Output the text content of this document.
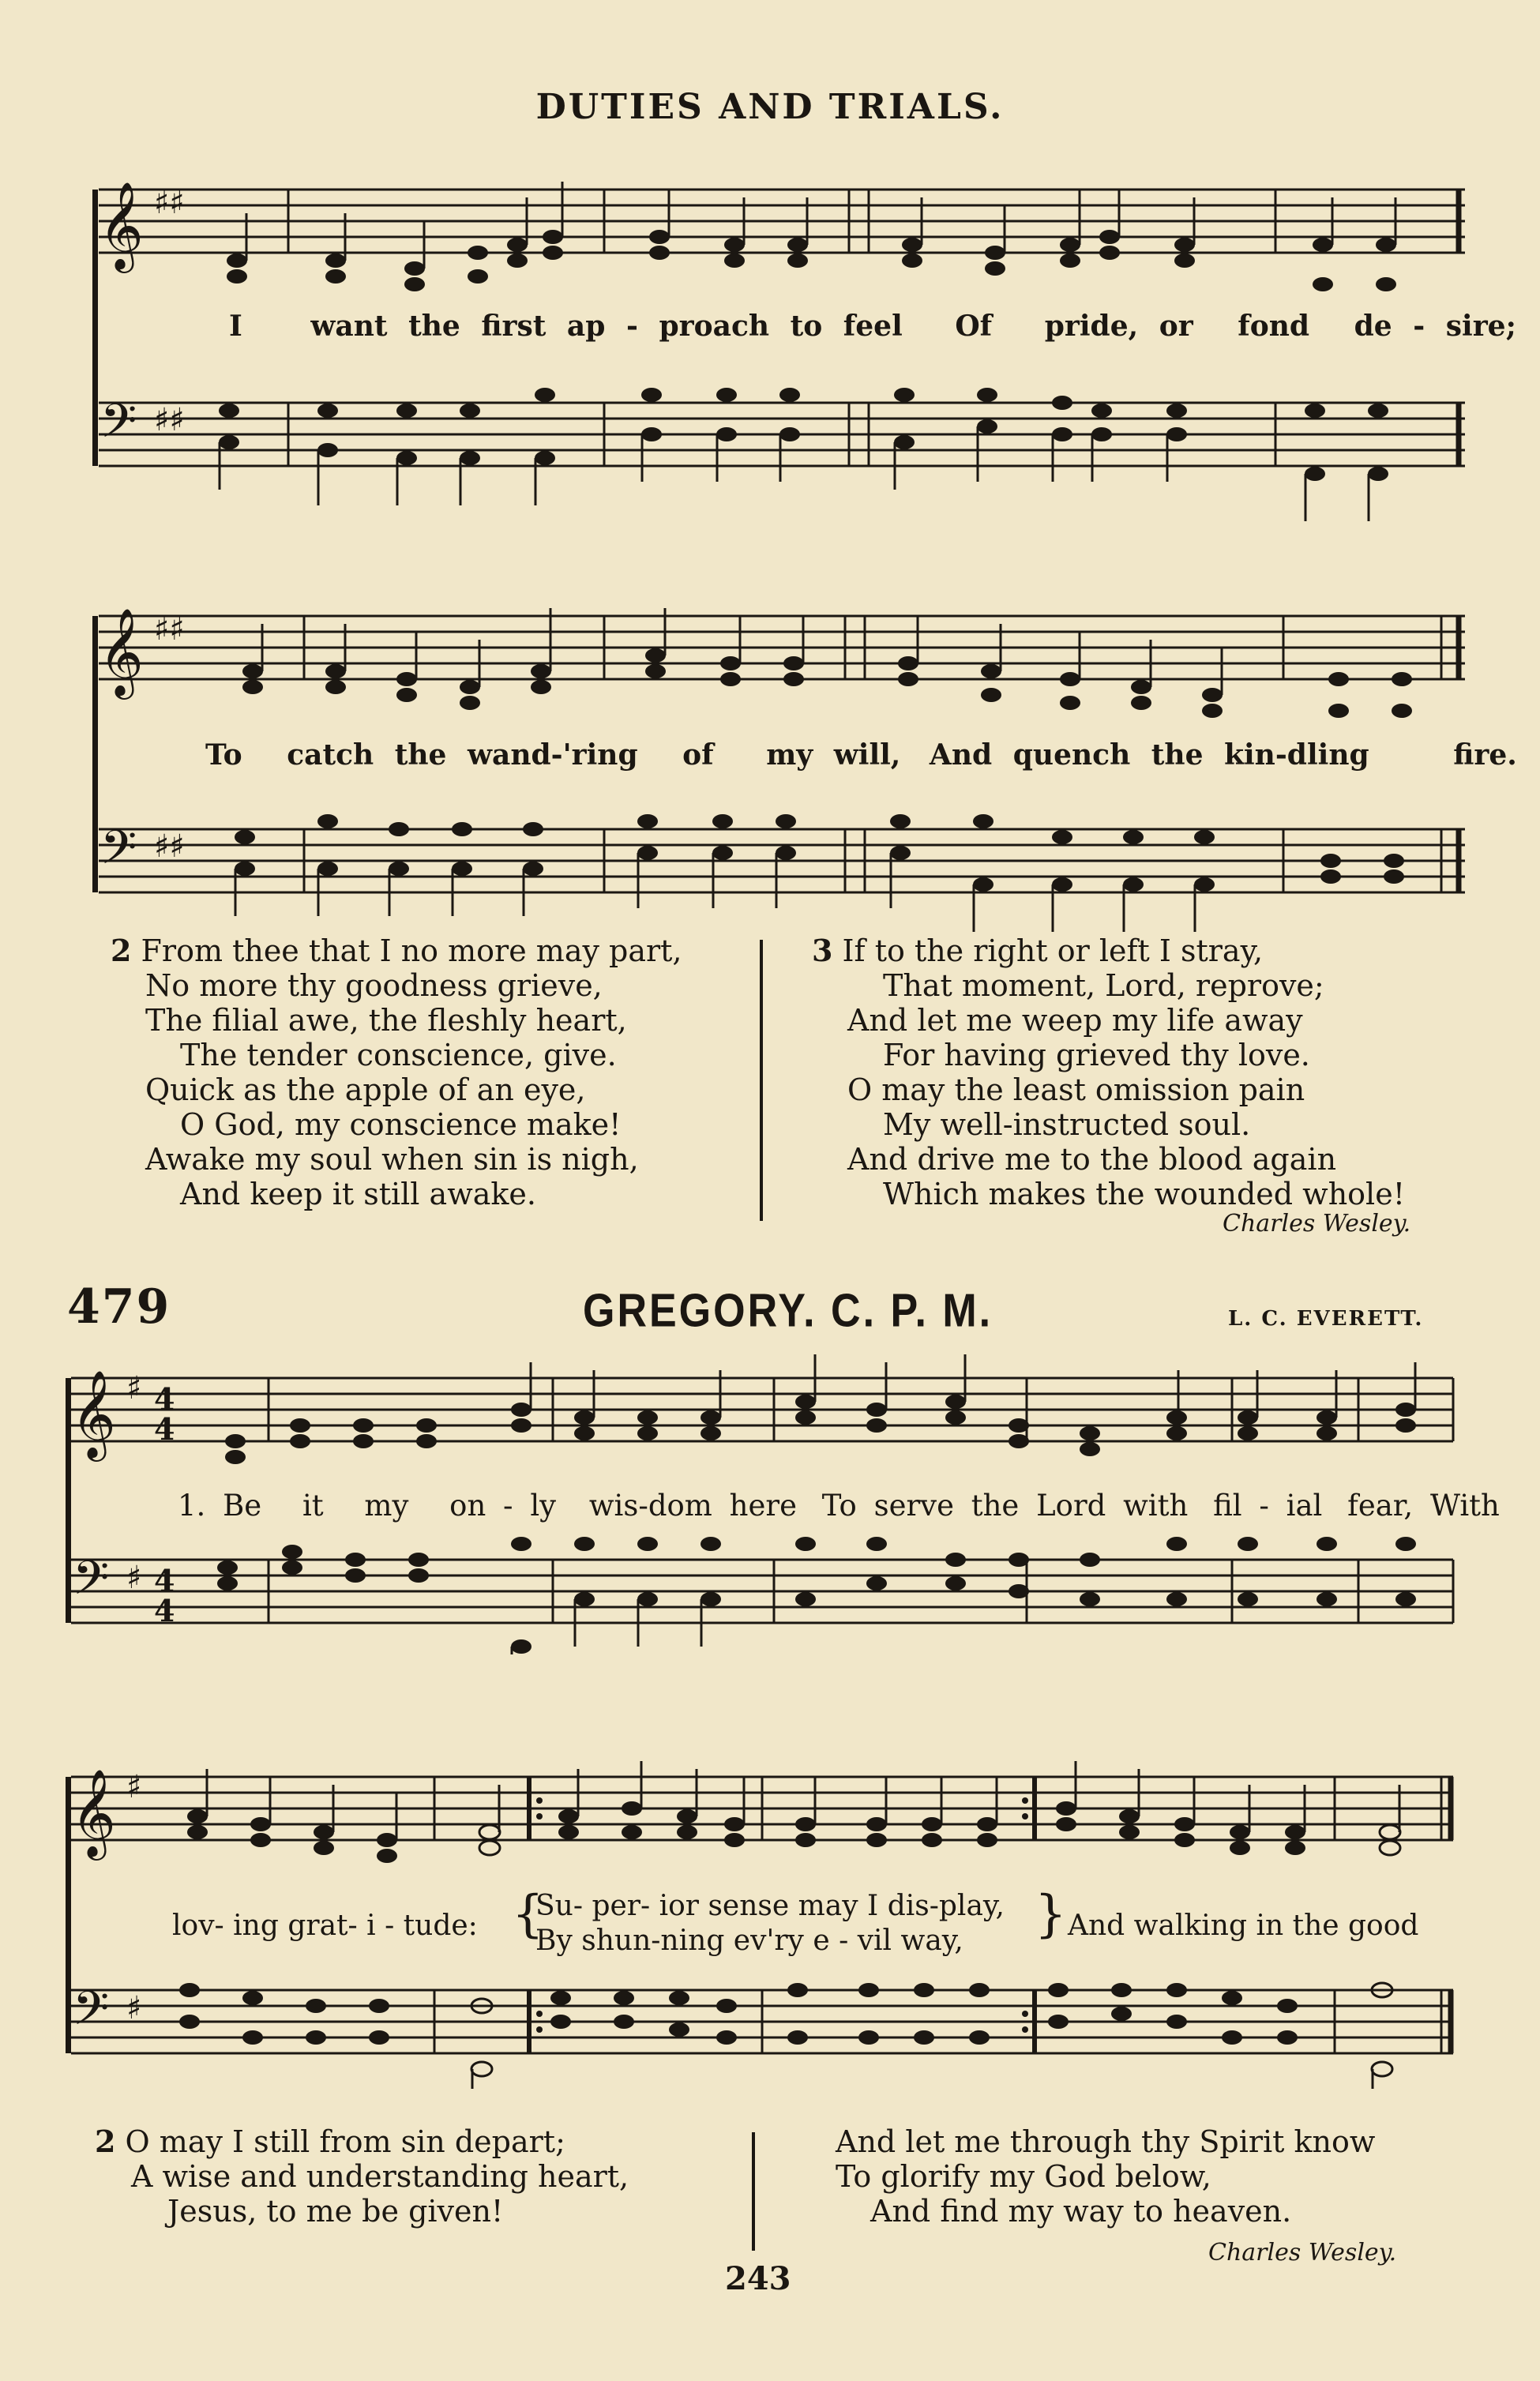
DUTIES AND TRIALS.
𝄞
𝄢
♯♯
♯♯
I want the first ap - proach to feel Of pride, or fond de - sire;
𝄞
𝄢
♯♯
♯♯
To catch the wand-'ring of my will, And quench the kin-dling	fire.
2 From thee that I no more may part,
No more thy goodness grieve,
The filial awe, the fleshly heart,
The tender conscience, give.
Quick as the apple of an eye,
O God, my conscience make!
Awake my soul when sin is nigh,
And keep it still awake.
3 If to the right or left I stray,
That moment, Lord, reprove;
And let me weep my life away
For having grieved thy love.
O may the least omission pain
My well-instructed soul.
And drive me to the blood again
Which makes the wounded whole!
Charles Wesley.
479	GREGORY. C. P. M.	L. C. EVERETT.
𝄞
𝄢
♯
♯
4
4
4
4
1. Be it my on - ly wis-dom here To serve the Lord with fil - ial fear, With
𝄞
𝄢
♯
♯
lov- ing grat- i - tude: {
Su- per- ior sense may I dis-play,
By shun-ning ev'ry e - vil way,	} And walking in the good
2 O may I still from sin depart;
A wise and understanding heart,
Jesus, to me be given!
And let me through thy Spirit know
To glorify my God below,
And find my way to heaven.
Charles Wesley.
243
